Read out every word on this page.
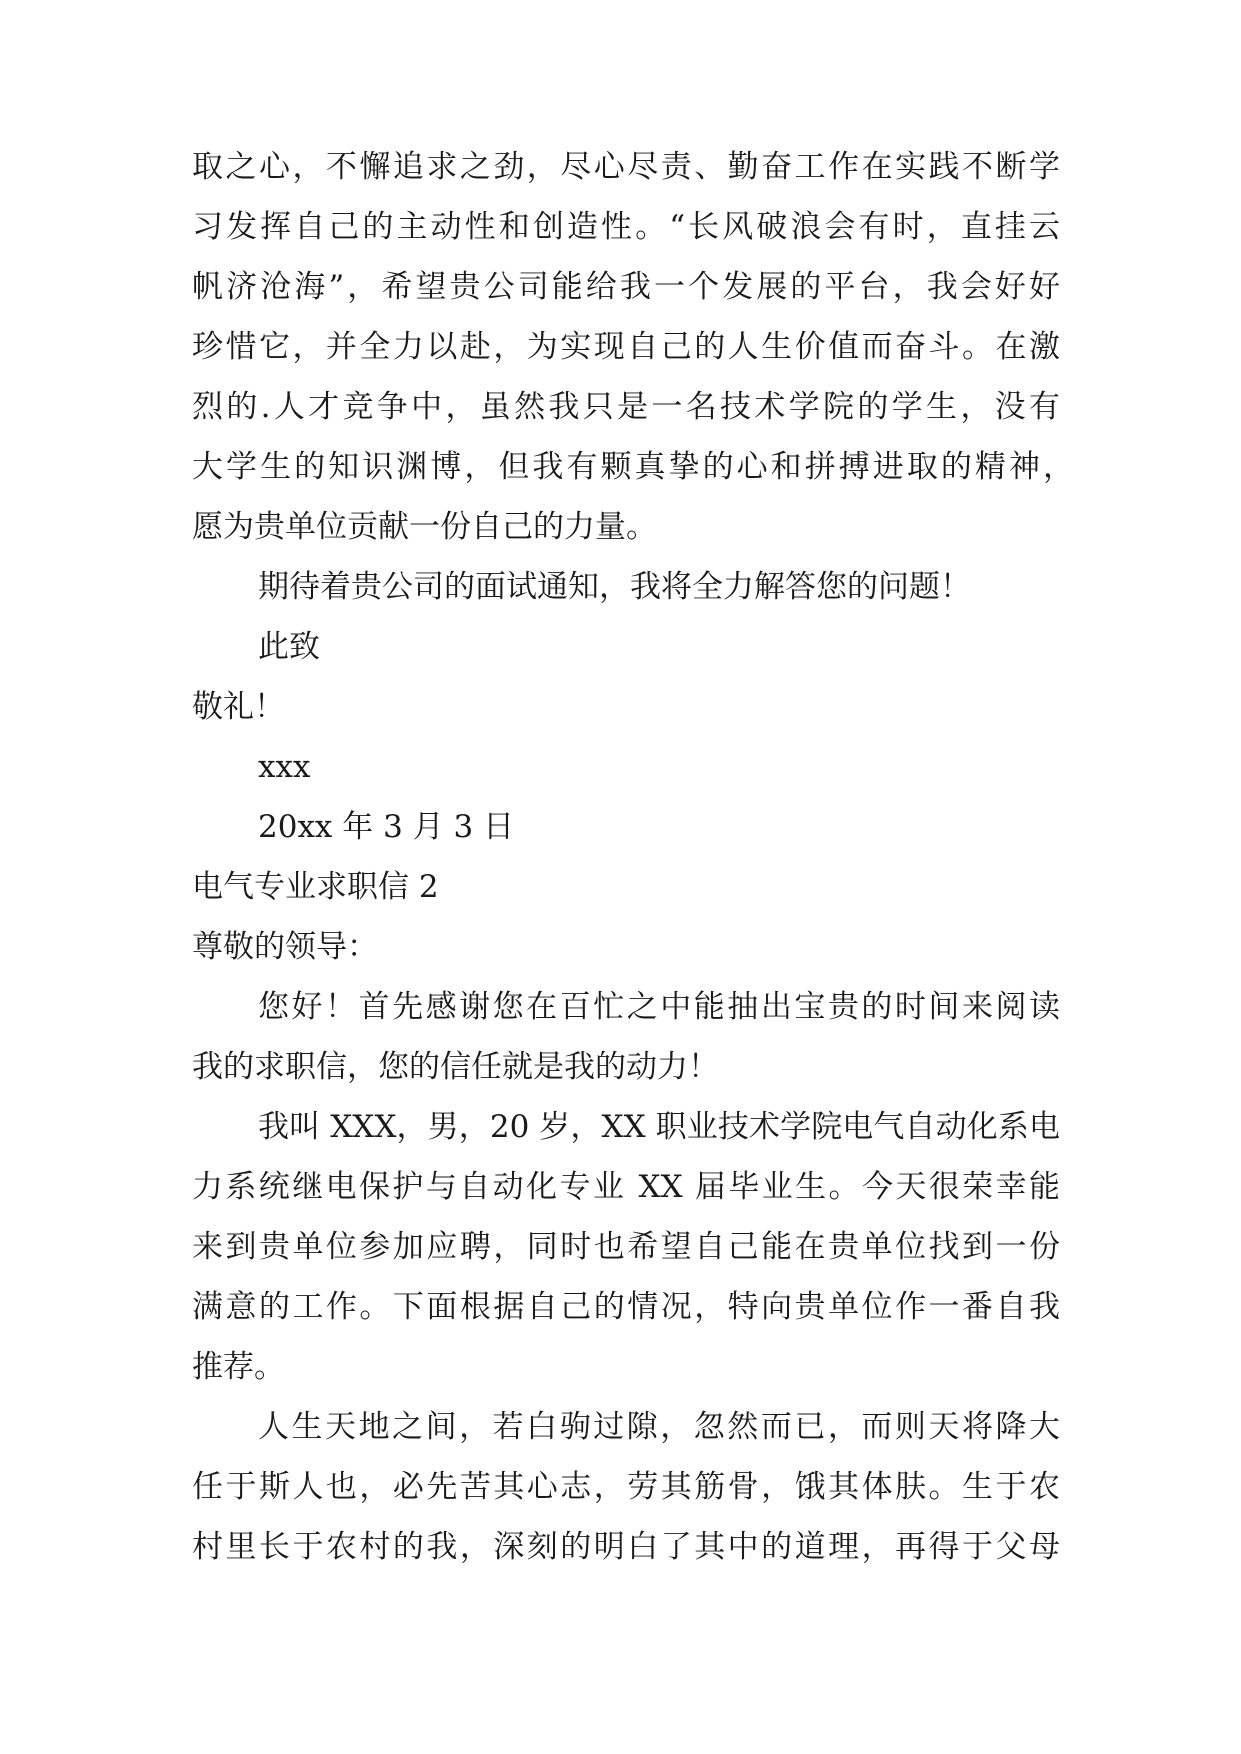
取之心，不懈追求之劲，尽心尽责、勤奋工作在实践不断学
习发挥自己的主动性和创造性。“长风破浪会有时，直挂云
帆济沧海”，希望贵公司能给我一个发展的平台，我会好好
珍惜它，并全力以赴，为实现自己的人生价值而奋斗。在激
烈的.人才竞争中，虽然我只是一名技术学院的学生，没有
大学生的知识渊博，但我有颗真挚的心和拼搏进取的精神，
愿为贵单位贡献一份自己的力量。
期待着贵公司的面试通知，我将全力解答您的问题！
此致
敬礼！
xxx
20xx 年 3 月 3 日
电气专业求职信 2
尊敬的领导：
您好！首先感谢您在百忙之中能抽出宝贵的时间来阅读
我的求职信，您的信任就是我的动力！
我叫 XXX，男，20 岁，XX 职业技术学院电气自动化系电
力系统继电保护与自动化专业 XX 届毕业生。今天很荣幸能
来到贵单位参加应聘，同时也希望自己能在贵单位找到一份
满意的工作。下面根据自己的情况，特向贵单位作一番自我
推荐。
人生天地之间，若白驹过隙，忽然而已，而则天将降大
任于斯人也，必先苦其心志，劳其筋骨，饿其体肤。生于农
村里长于农村的我，深刻的明白了其中的道理，再得于父母
